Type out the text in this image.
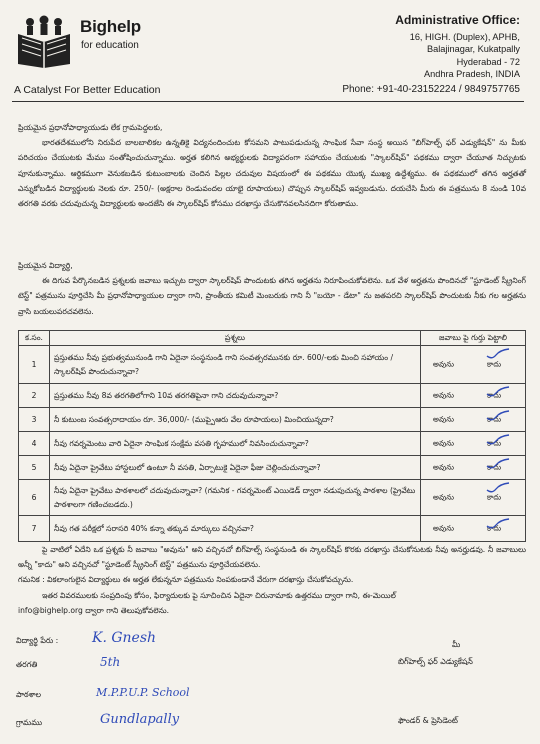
Bighelp
for education
A Catalyst For Better Education
Administrative Office:
16, HIGH. (Duplex), APHB,
Balajinagar, Kukatpally
Hyderabad - 72
Andhra Pradesh, INDIA
Phone: +91-40-23152224 / 9849757765

ప్రియమైన ప్రధానోపాధ్యాయుడు లేక గ్రామపెద్దలకు,

భారతదేశములోని నిరుపేద బాలబాలికల ఉన్నతికై విద్యనందించుట కోసమని పాటుపడుచున్న సాంఘిక సేవా సంస్థ అయిన "బిగ్‌హెల్ప్ ఫర్ ఎడ్యుకేషన్" ను మీకు పరిచయం చేయుటకు మేము సంతోషించుచున్నాము. అర్హత కలిగిన అభ్యర్థులకు విద్యాపరంగా సహాయం చేయుటకు "స్కాలర్‌షిప్" పథకము ద్వారా చేయూత నిచ్చుటకు పూనుకున్నాము. ఆర్థికముగా వెనుకబడిన కుటుంబాలకు చెందిన పిల్లల చదువుల విషయంలో ఈ పథకము యొక్క ముఖ్య ఉద్దేశ్యము. ఈ పథకములో తగిన అర్హతతో ఎన్నుకోబడిన విద్యార్థులకు నెలకు రూ. 250/- (అక్షరాల రెండువందల యాభై రూపాయలు) చొప్పున స్కాలర్‌షిప్ ఇవ్వబడును. దయచేసి మీరు ఈ పత్రమును 8 నుండి 10వ తరగతి వరకు చదువుచున్న విద్యార్థులకు అందజేసి ఈ స్కాలర్‌షిప్ కోసము దరఖాస్తు చేసుకొనవలసినదిగా కోరుతాము.

ప్రియమైన విద్యార్థి,

ఈ దిగువ పేర్కొనబడిన ప్రశ్నలకు జవాబు ఇచ్చుట ద్వారా స్కాలర్‌షిప్ పొందుటకు తగిన అర్హతను నిరూపించుకోవలెను. ఒక వేళ అర్హతను పొందినచో "స్టూడెంట్ స్క్రీనింగ్ టెస్ట్" పత్రమును పూర్తిచేసి మీ ప్రధానోపాధ్యాయుల ద్వారా గాని, ప్రాంతీయ కమిటీ మెంబరుకు గాని నీ "బయో - డేటా" ను జతపరచి స్కాలర్‌షిప్ పొందుటకు నీకు గల అర్హతను వ్రాసి బయలుపరచవలెను.

క.సం.	ప్రశ్నలు	జవాబు పై గుర్తు పెట్టాలి
1	ప్రస్తుతము నీవు ప్రభుత్వమునుండి గాని ఏదైనా సంస్థనుండి గాని సంవత్సరమునకు రూ. 600/-లకు మించి సహాయం / స్కాలర్‌షిప్ పొందుచున్నావా?	అవును కాదు

2	ప్రస్తుతము నీవు 8వ తరగతిలోగాని 10వ తరగతిపైనా గాని చదువుచున్నావా?	అవును కాదు

3	నీ కుటుంబ సంవత్సరాదాయం రూ. 36,000/- (ముప్పైఆరు వేల రూపాయలు) మించియున్నదా?	అవును కాదు

4	నీవు గవర్నమెంటు వారి ఏదైనా సాంఘిక సంక్షేమ వసతి గృహములో నివసించుచున్నావా?	అవును కాదు

5	నీవు ఏదైనా ప్రైవేటు హాస్టలులో ఉంటూ నీ వసతి, ఏర్పాటుకై ఏదైనా ఫీజు చెల్లించుచున్నావా?	అవును కాదు

6	నీవు ఏదైనా ప్రైవేటు పాఠశాలలో చదువుచున్నావా? (గమనిక - గవర్నమెంట్ ఎయిడెడ్ ద్వారా నడుపుచున్న పాఠశాల (ప్రైవేటు పాఠశాలగా గణించబడదు.)	అవును కాదు

7	నీవు గత పరీక్షలో సరాసరి 40% కన్నా తక్కువ మార్కులు వచ్చినవా?	అవును కాదు

పై వాటిలో ఏదేని ఒక ప్రశ్నకు నీ జవాబు "అవును" అని వచ్చినచో బిగ్‌హెల్ప్ సంస్థనుండి ఈ స్కాలర్‌షిప్ కొరకు దరఖాస్తు చేసుకోనుటకు నీవు అనర్హుడవు. నీ జవాబులు అన్నీ "కాదు" అని వచ్చినచో "స్టూడెంట్ స్క్రీనింగ్ టెస్ట్" పత్రమును పూర్తిచేయవలెను.

గమనిక : వికలాంగులైన విద్యార్థులు ఈ అర్హత లేకున్ననూ పత్రమును నింపకుండానే వేరుగా దరఖాస్తు చేసుకోవచ్చును.

ఇతర వివరములకు సంప్రదింపు కోసం, ఫిర్యాదులకు పై సూచించిన ఏదైనా చిరునామాకు ఉత్తరము ద్వారా గాని, ఈ-మెయిల్

info@bighelp.org ద్వారా గాని తెలుపుకోవలెను.

విద్యార్థి పేరు : K. Gnesh
తరగతి	5th
పాఠశాల	M.P.P.U.P. School
గ్రామము	Gundlapally
మీ
బిగ్‌హెల్ప్ ఫర్ ఎడ్యుకేషన్
ఫౌండర్ & ప్రెసిడెంట్
